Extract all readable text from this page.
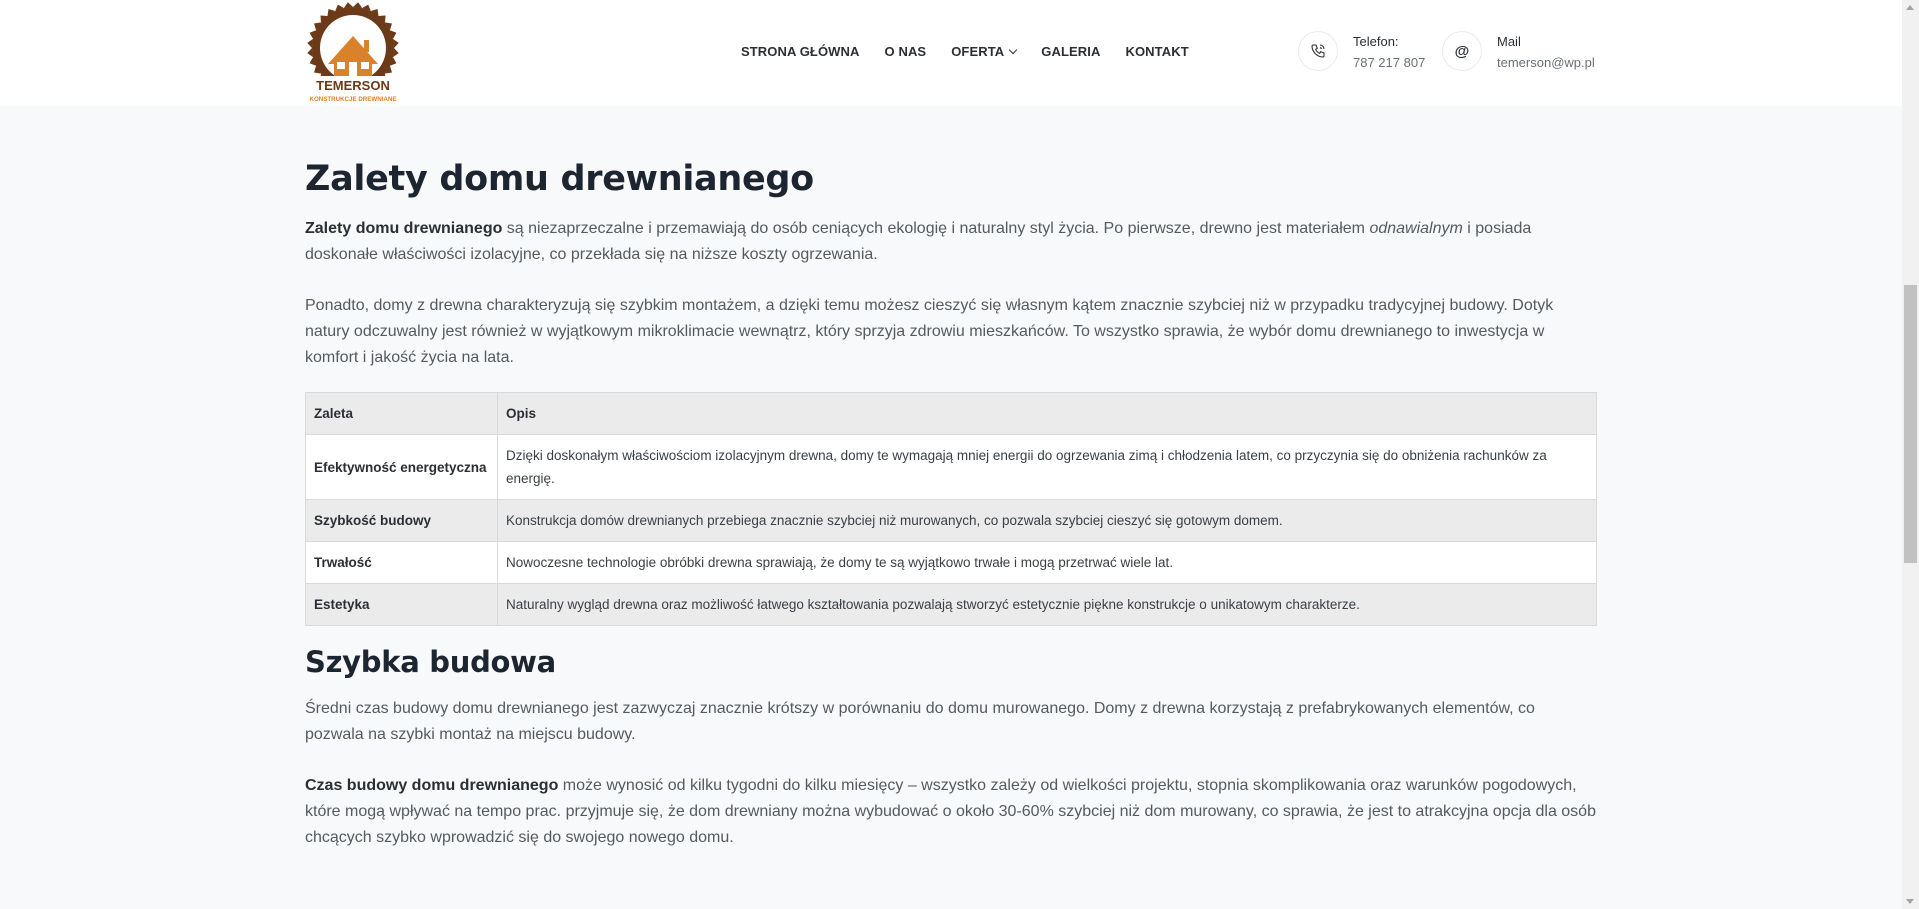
TEMERSON
KONSTRUKCJE DREWNIANE
STRONA GŁÓWNA O NAS OFERTA	GALERIA KONTAKT
Telefon:
787 217 807
@
Mail
temerson@wp.pl
Zalety domu drewnianego

Zalety domu drewnianego są niezaprzeczalne i przemawiają do osób ceniących ekologię i naturalny styl życia. Po pierwsze, drewno jest materiałem odnawialnym i posiada doskonałe właściwości izolacyjne, co przekłada się na niższe koszty ogrzewania.

Ponadto, domy z drewna charakteryzują się szybkim montażem, a dzięki temu możesz cieszyć się własnym kątem znacznie szybciej niż w przypadku tradycyjnej budowy. Dotyk natury odczuwalny jest również w wyjątkowym mikroklimacie wewnątrz, który sprzyja zdrowiu mieszkańców. To wszystko sprawia, że wybór domu drewnianego to inwestycja w komfort i jakość życia na lata.

Zaleta	Opis
Efektywność energetyczna	Dzięki doskonałym właściwościom izolacyjnym drewna, domy te wymagają mniej energii do ogrzewania zimą i chłodzenia latem, co przyczynia się do obniżenia rachunków za energię.
Szybkość budowy	Konstrukcja domów drewnianych przebiega znacznie szybciej niż murowanych, co pozwala szybciej cieszyć się gotowym domem.
Trwałość	Nowoczesne technologie obróbki drewna sprawiają, że domy te są wyjątkowo trwałe i mogą przetrwać wiele lat.
Estetyka	Naturalny wygląd drewna oraz możliwość łatwego kształtowania pozwalają stworzyć estetycznie piękne konstrukcje o unikatowym charakterze.
Szybka budowa

Średni czas budowy domu drewnianego jest zazwyczaj znacznie krótszy w porównaniu do domu murowanego. Domy z drewna korzystają z prefabrykowanych elementów, co pozwala na szybki montaż na miejscu budowy.

Czas budowy domu drewnianego może wynosić od kilku tygodni do kilku miesięcy – wszystko zależy od wielkości projektu, stopnia skomplikowania oraz warunków pogodowych, które mogą wpływać na tempo prac. przyjmuje się, że dom drewniany można wybudować o około 30-60% szybciej niż dom murowany, co sprawia, że jest to atrakcyjna opcja dla osób chcących szybko wprowadzić się do swojego nowego domu.
